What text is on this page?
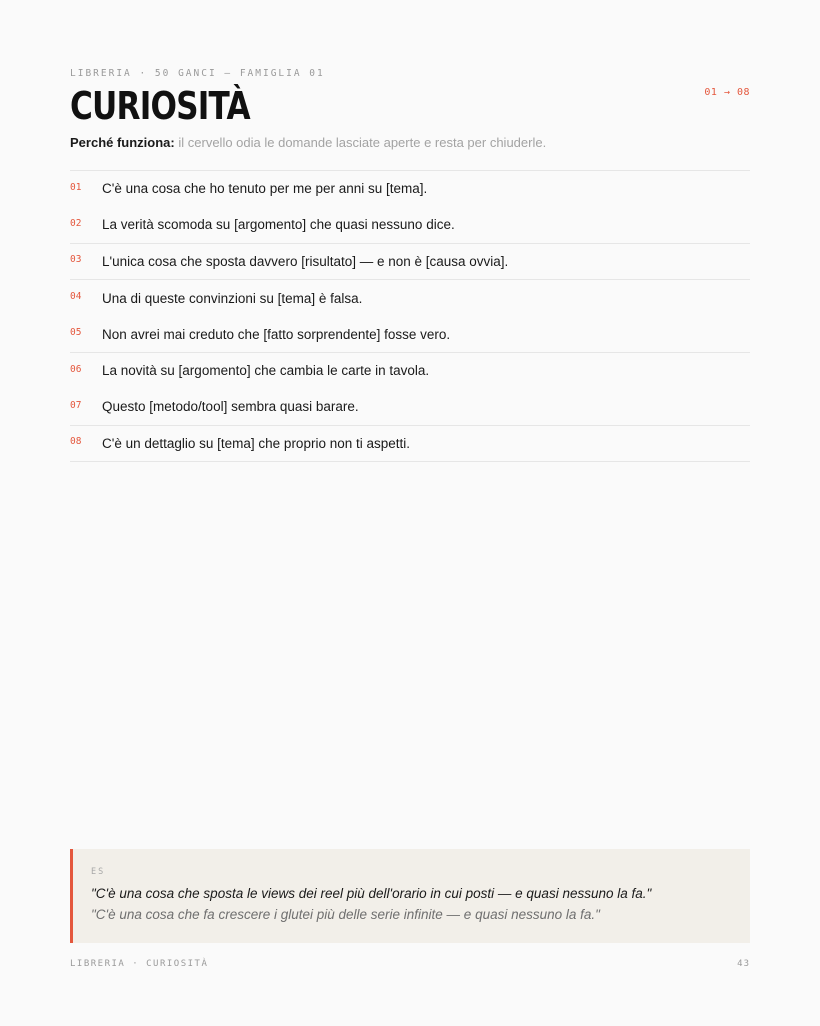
LIBRERIA · 50 GANCI — FAMIGLIA 01
01 → 08
CURIOSITÀ
Perché funziona: il cervello odia le domande lasciate aperte e resta per chiuderle.
01	C'è una cosa che ho tenuto per me per anni su [tema].
02	La verità scomoda su [argomento] che quasi nessuno dice.
03	L'unica cosa che sposta davvero [risultato] — e non è [causa ovvia].
04	Una di queste convinzioni su [tema] è falsa.
05	Non avrei mai creduto che [fatto sorprendente] fosse vero.
06	La novità su [argomento] che cambia le carte in tavola.
07	Questo [metodo/tool] sembra quasi barare.
08	C'è un dettaglio su [tema] che proprio non ti aspetti.
ES
"C'è una cosa che sposta le views dei reel più dell'orario in cui posti — e quasi nessuno la fa."
"C'è una cosa che fa crescere i glutei più delle serie infinite — e quasi nessuno la fa."
LIBRERIA · CURIOSITÀ	43
